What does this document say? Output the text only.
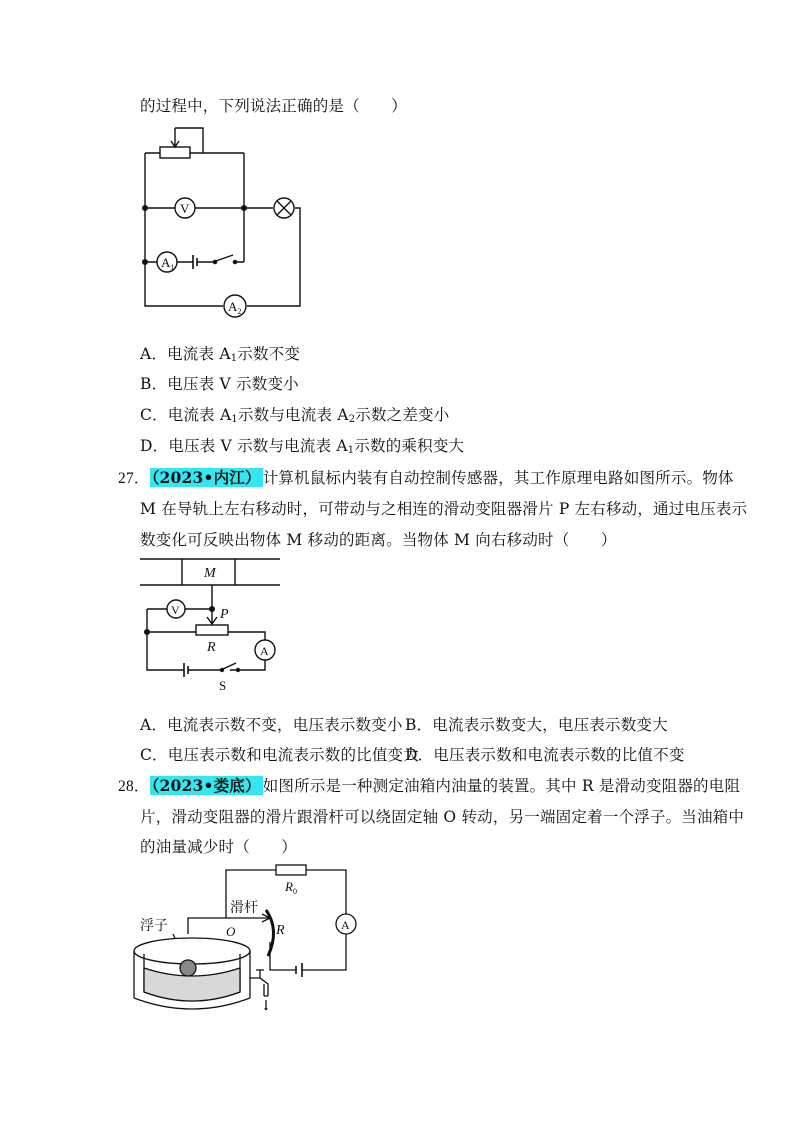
的过程中，下列说法正确的是（　　）
V
$A_1$
$A_2$
A．电流表 $A_1$示数不变
B．电压表 V 示数变小
C．电流表 $A_1$示数与电流表 $A_2$示数之差变小
D．电压表 V 示数与电流表 $A_1$示数的乘积变大
27． （2023•内江） 计算机鼠标内装有自动控制传感器，其工作原理电路如图所示。物体
M 在导轨上左右移动时，可带动与之相连的滑动变阻器滑片 P 左右移动，通过电压表示
数变化可反映出物体 M 移动的距离。当物体 M 向右移动时（　　）
M
P
V
R	A
S
A．电流表示数不变，电压表示数变小 B．电流表示数变大，电压表示数变大
C．电压表示数和电流表示数的比值变大
D．电压表示数和电流表示数的比值不变
28． （2023•娄底） 如图所示是一种测定油箱内油量的装置。其中 R 是滑动变阻器的电阻
片，滑动变阻器的滑片跟滑杆可以绕固定轴 O 转动，另一端固定着一个浮子。当油箱中
的油量减少时（　　）
$R_0$
A
滑杆
O	R
浮子
